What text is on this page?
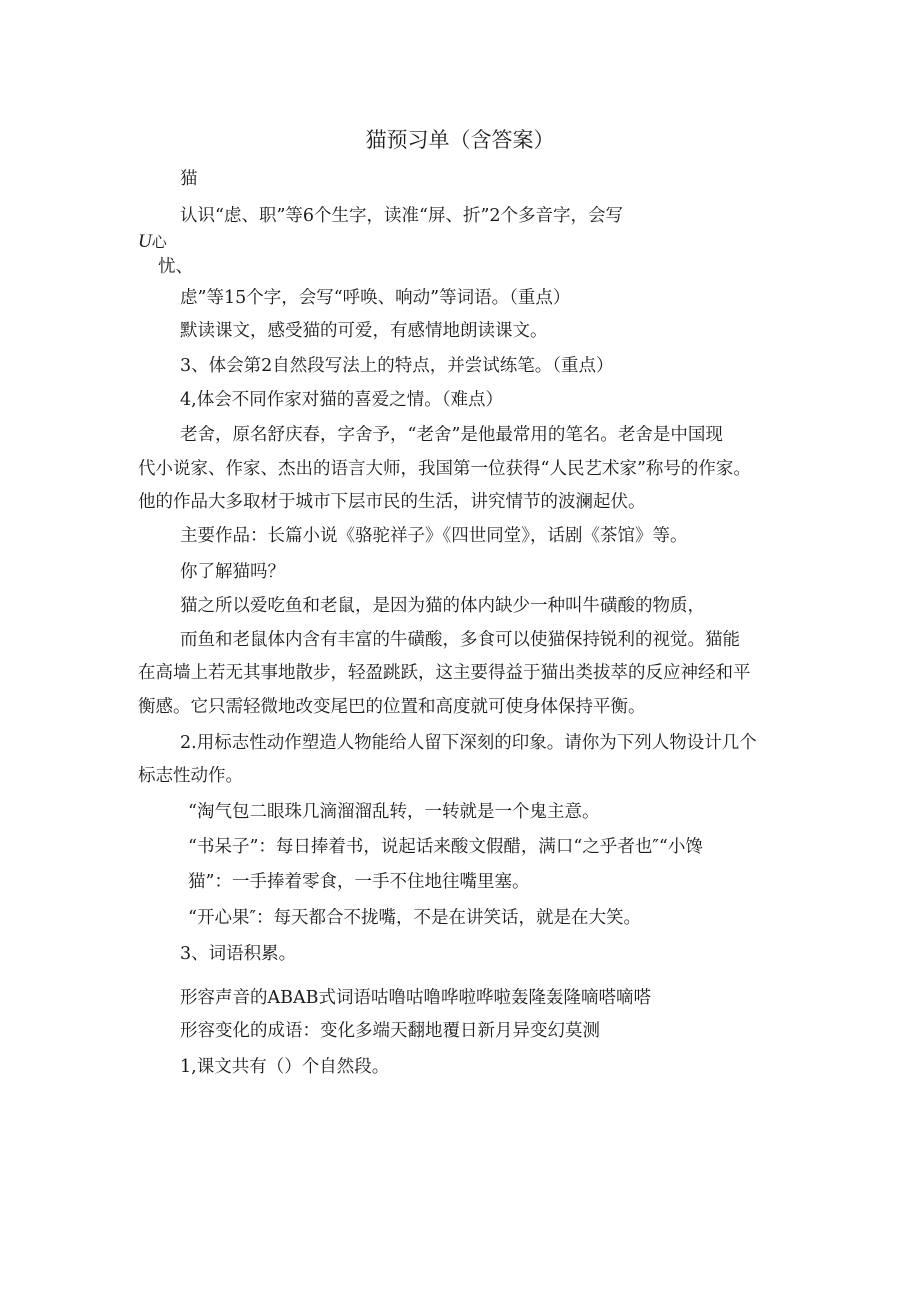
猫预习单（含答案）
猫
认识“虑、职”等6个生字，读准“屏、折”2个多音字，会写
U心
忧、
虑”等15个字，会写“呼唤、响动”等词语。（重点）
默读课文，感受猫的可爱，有感情地朗读课文。
3、体会第2自然段写法上的特点，并尝试练笔。（重点）
4,体会不同作家对猫的喜爱之情。（难点）
老舍，原名舒庆春，字舍予，“老舍”是他最常用的笔名。老舍是中国现
代小说家、作家、杰出的语言大师，我国第一位获得“人民艺术家”称号的作家。
他的作品大多取材于城市下层市民的生活，讲究情节的波澜起伏。
主要作品：长篇小说《骆驼祥子》《四世同堂》，话剧《茶馆》等。
你了解猫吗？
猫之所以爱吃鱼和老鼠，是因为猫的体内缺少一种叫牛磺酸的物质，
而鱼和老鼠体内含有丰富的牛磺酸，多食可以使猫保持锐利的视觉。猫能
在高墙上若无其事地散步，轻盈跳跃，这主要得益于猫出类拔萃的反应神经和平
衡感。它只需轻微地改变尾巴的位置和高度就可使身体保持平衡。
2.用标志性动作塑造人物能给人留下深刻的印象。请你为下列人物设计几个
标志性动作。
“淘气包二眼珠几滴溜溜乱转，一转就是一个鬼主意。
“书呆子”：每日捧着书，说起话来酸文假醋，满口“之乎者也″“小馋
猫”：一手捧着零食，一手不住地往嘴里塞。
“开心果″：每天都合不拢嘴，不是在讲笑话，就是在大笑。
3、词语积累。
形容声音的ABAB式词语咕噜咕噜哗啦哗啦轰隆轰隆嘀嗒嘀嗒
形容变化的成语：变化多端天翻地覆日新月异变幻莫测
1,课文共有（）个自然段。
